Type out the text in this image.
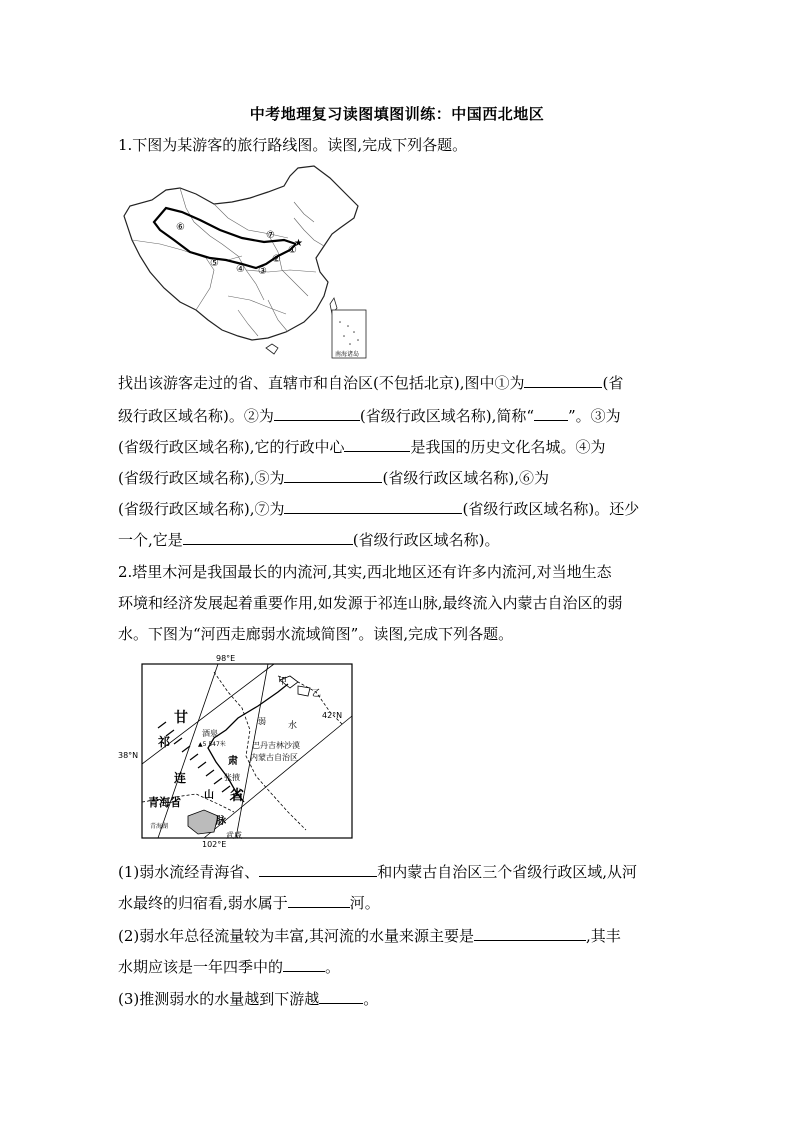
中考地理复习读图填图训练：中国西北地区
1.下图为某游客的旅行路线图。读图,完成下列各题。
★
①
②
③
④
⑤
⑥
⑦
南海诸岛
找出该游客走过的省、直辖市和自治区(不包括北京),图中①为	(省
级行政区域名称)。②为	(省级行政区域名称),简称“ ”。③为
(省级行政区域名称),它的行政中心	是我国的历史文化名城。④为
(省级行政区域名称),⑤为	(省级行政区域名称),⑥为
(省级行政区域名称),⑦为	(省级行政区域名称)。还少
一个,它是	(省级行政区域名称)。
2.塔里木河是我国最长的内流河,其实,西北地区还有许多内流河,对当地生态
环境和经济发展起着重要作用,如发源于祁连山脉,最终流入内蒙古自治区的弱
水。下图为“河西走廊弱水流域简图”。读图,完成下列各题。
98°E
102°E
42°N
38°N
甲
乙
弱 水
甘
肃
省
祁
连
山
脉
酒泉
▲5 547米	巴丹吉林沙漠
内蒙古自治区
张掖
青海省
青海湖
武威
(1)弱水流经青海省、	和内蒙古自治区三个省级行政区域,从河
水最终的归宿看,弱水属于	河。
(2)弱水年总径流量较为丰富,其河流的水量来源主要是	,其丰
水期应该是一年四季中的	。
(3)推测弱水的水量越到下游越	。
